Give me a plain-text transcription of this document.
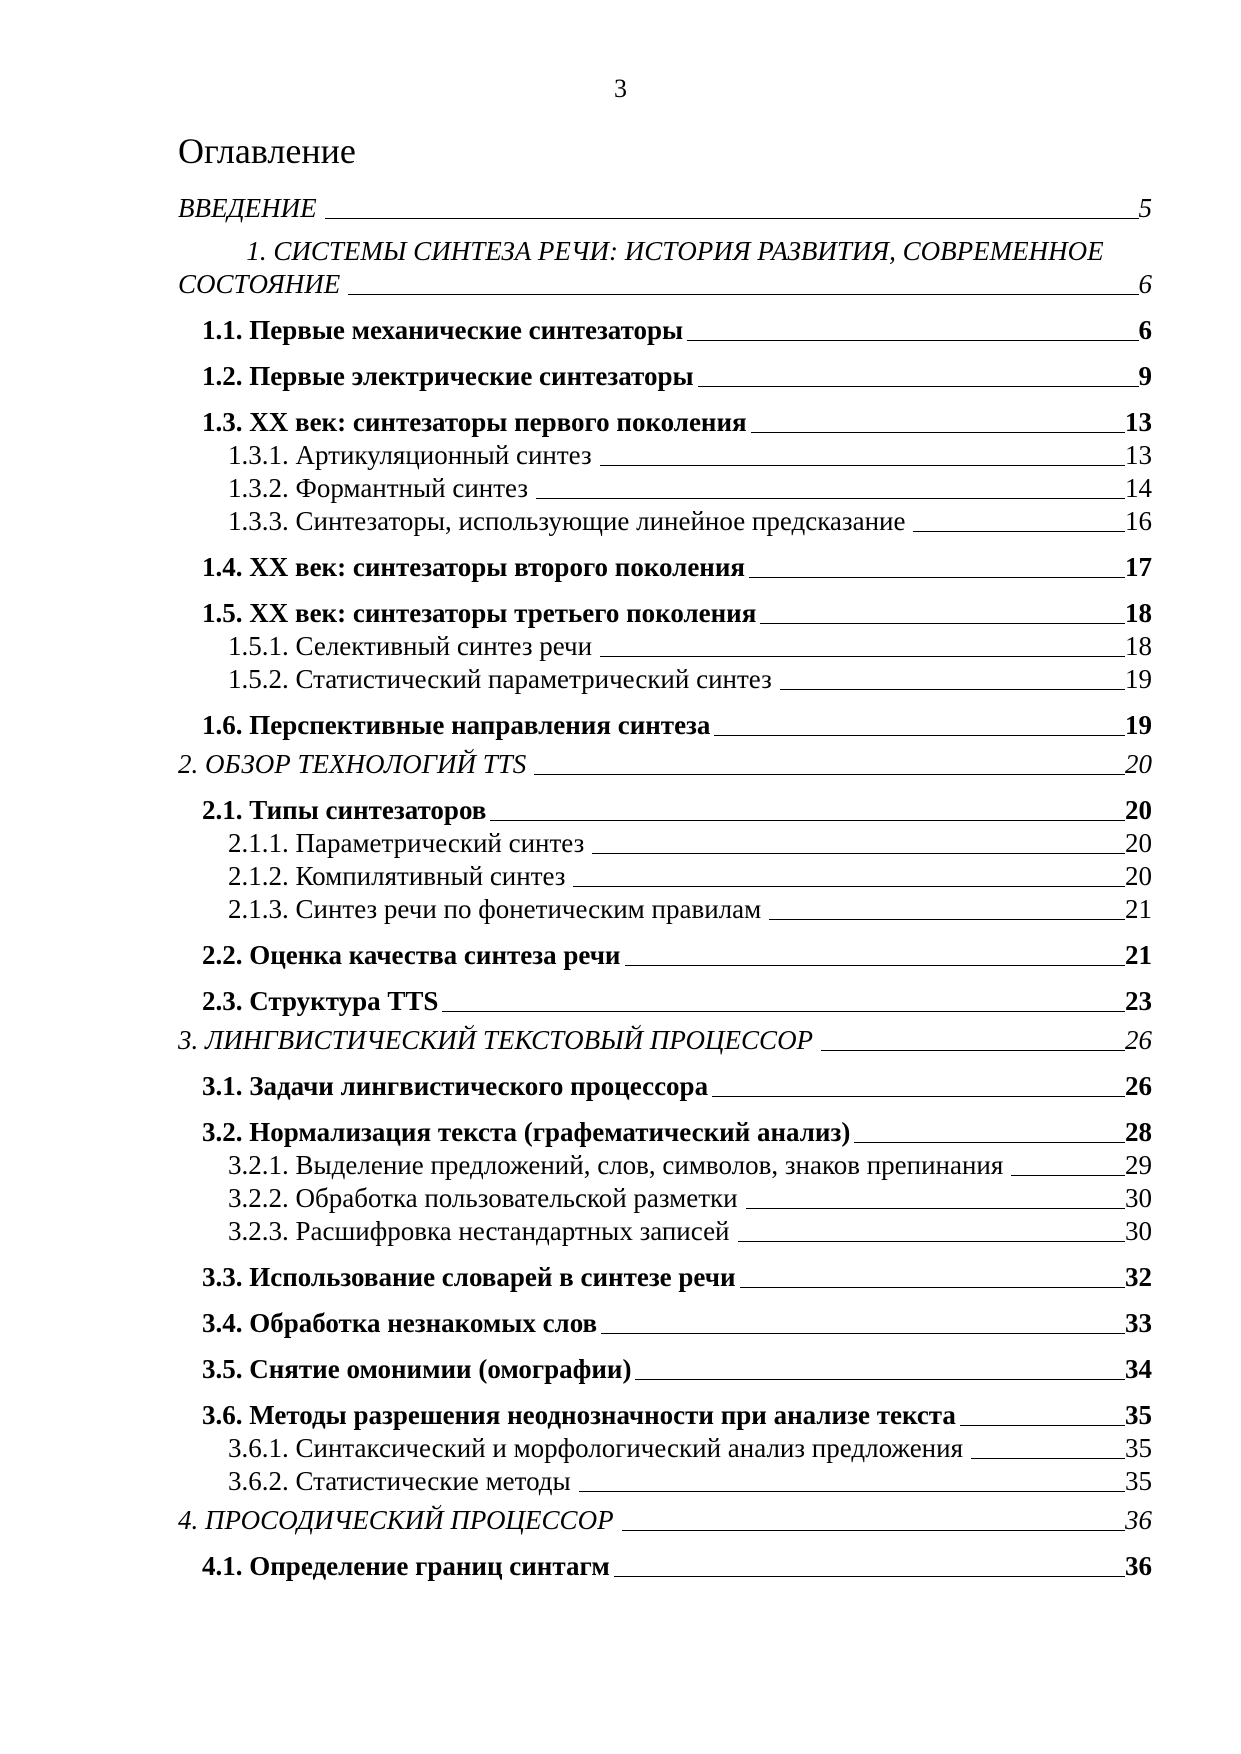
3
Оглавление
ВВЕДЕНИЕ	5
1. СИСТЕМЫ СИНТЕЗА РЕЧИ: ИСТОРИЯ РАЗВИТИЯ, СОВРЕМЕННОЕ
СОСТОЯНИЕ	6
1.1. Первые механические синтезаторы	6
1.2. Первые электрические синтезаторы	9
1.3. XX век: синтезаторы первого поколения	13
1.3.1. Артикуляционный синтез	13
1.3.2. Формантный синтез	14
1.3.3. Синтезаторы, использующие линейное предсказание	16
1.4. XX век: синтезаторы второго поколения	17
1.5. XX век: синтезаторы третьего поколения	18
1.5.1. Селективный синтез речи	18
1.5.2. Статистический параметрический синтез	19
1.6. Перспективные направления синтеза	19
2. ОБЗОР ТЕХНОЛОГИЙ TTS	20
2.1. Типы синтезаторов	20
2.1.1. Параметрический синтез	20
2.1.2. Компилятивный синтез	20
2.1.3. Синтез речи по фонетическим правилам	21
2.2. Оценка качества синтеза речи	21
2.3. Структура TTS	23
3. ЛИНГВИСТИЧЕСКИЙ ТЕКСТОВЫЙ ПРОЦЕССОР	26
3.1. Задачи лингвистического процессора	26
3.2. Нормализация текста (графематический анализ)	28
3.2.1. Выделение предложений, слов, символов, знаков препинания	29
3.2.2. Обработка пользовательской разметки	30
3.2.3. Расшифровка нестандартных записей	30
3.3. Использование словарей в синтезе речи	32
3.4. Обработка незнакомых слов	33
3.5. Снятие омонимии (омографии)	34
3.6. Методы разрешения неоднозначности при анализе текста	35
3.6.1. Синтаксический и морфологический анализ предложения	35
3.6.2. Статистические методы	35
4. ПРОСОДИЧЕСКИЙ ПРОЦЕССОР	36
4.1. Определение границ синтагм	36
